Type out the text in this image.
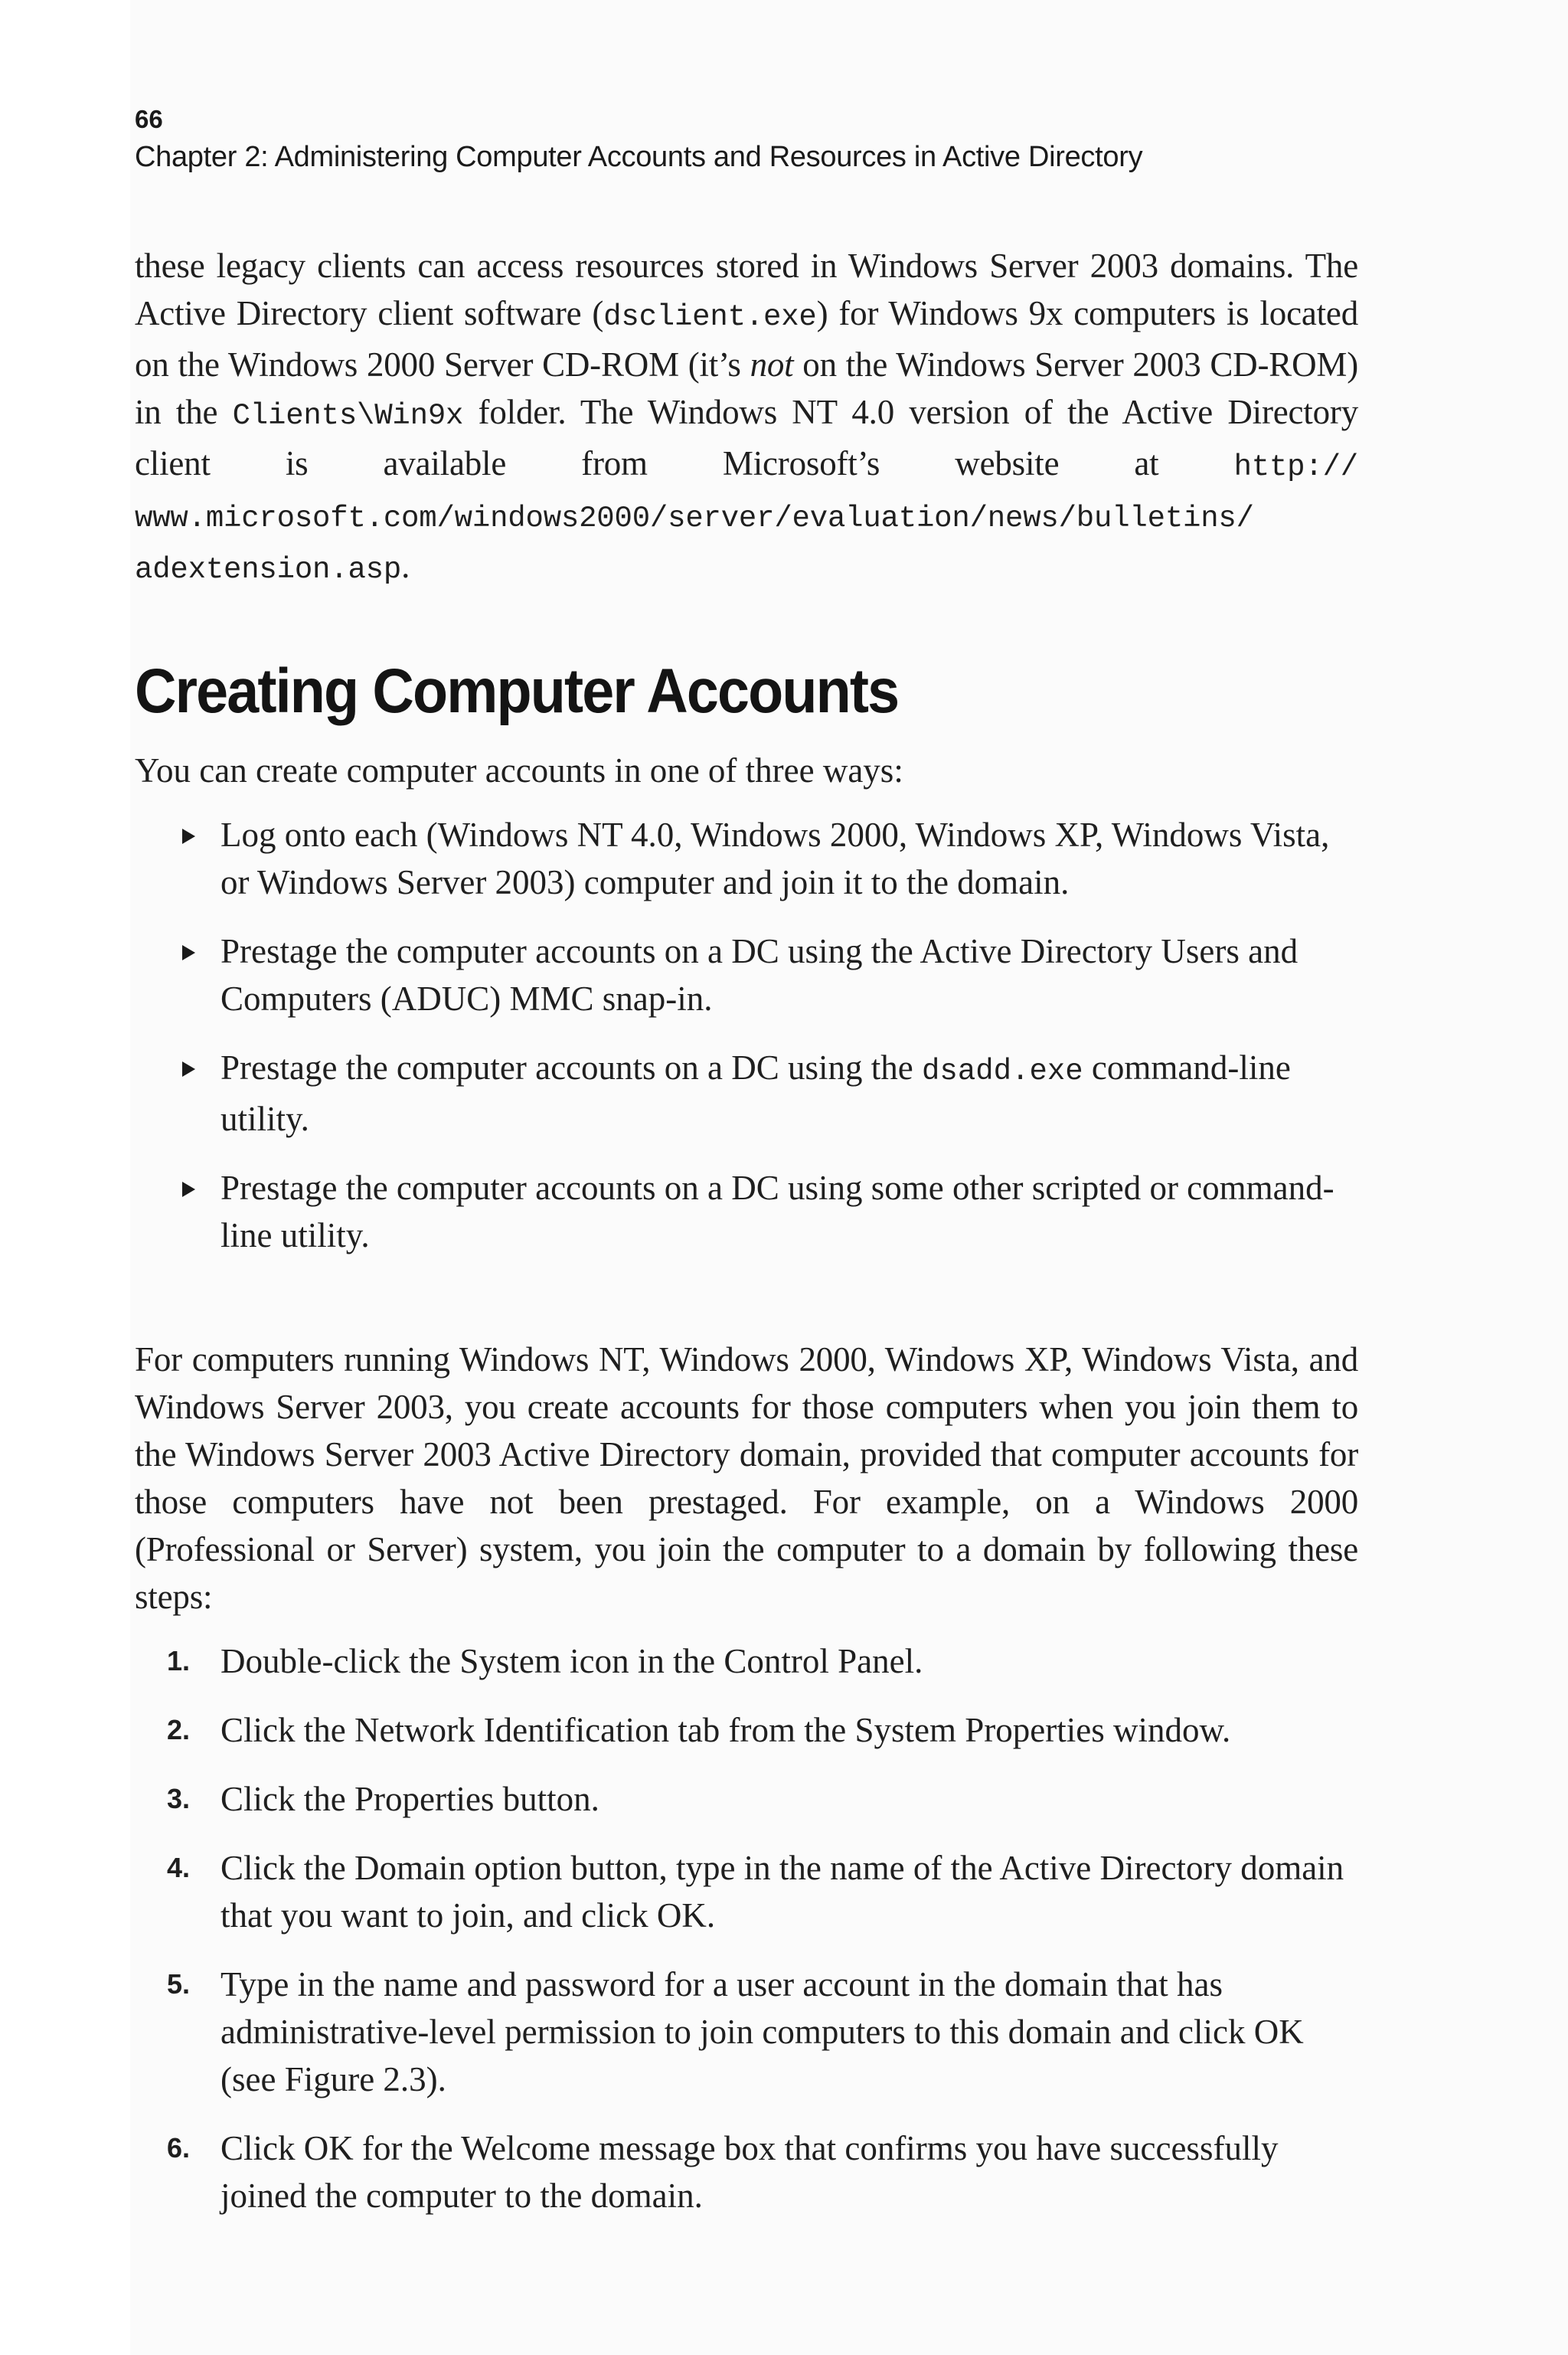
66
Chapter 2: Administering Computer Accounts and Resources in Active Directory

these legacy clients can access resources stored in Windows Server 2003 domains. The Active Directory client software (dsclient.exe) for Windows 9x computers is located on the Windows 2000 Server CD-ROM (it’s not on the Windows Server 2003 CD-ROM) in the Clients\Win9x folder. The Windows NT 4.0 version of the Active Directory client is available from Microsoft’s website at http:// www.microsoft.com/windows2000/server/evaluation/news/bulletins/ adextension.asp.

Creating Computer Accounts

You can create computer accounts in one of three ways:

Log onto each (Windows NT 4.0, Windows 2000, Windows XP, Windows Vista, or Windows Server 2003) computer and join it to the domain.
Prestage the computer accounts on a DC using the Active Directory Users and Computers (ADUC) MMC snap-in.
Prestage the computer accounts on a DC using the dsadd.exe command-line utility.
Prestage the computer accounts on a DC using some other scripted or command-line utility.

For computers running Windows NT, Windows 2000, Windows XP, Windows Vista, and Windows Server 2003, you create accounts for those computers when you join them to the Windows Server 2003 Active Directory domain, provided that computer accounts for those computers have not been prestaged. For example, on a Windows 2000 (Professional or Server) system, you join the computer to a domain by following these steps:

1. Double-click the System icon in the Control Panel.
2. Click the Network Identification tab from the System Properties window.
3. Click the Properties button.
4. Click the Domain option button, type in the name of the Active Directory domain that you want to join, and click OK.
5. Type in the name and password for a user account in the domain that has administrative-level permission to join computers to this domain and click OK (see Figure 2.3).
6. Click OK for the Welcome message box that confirms you have successfully joined the computer to the domain.
